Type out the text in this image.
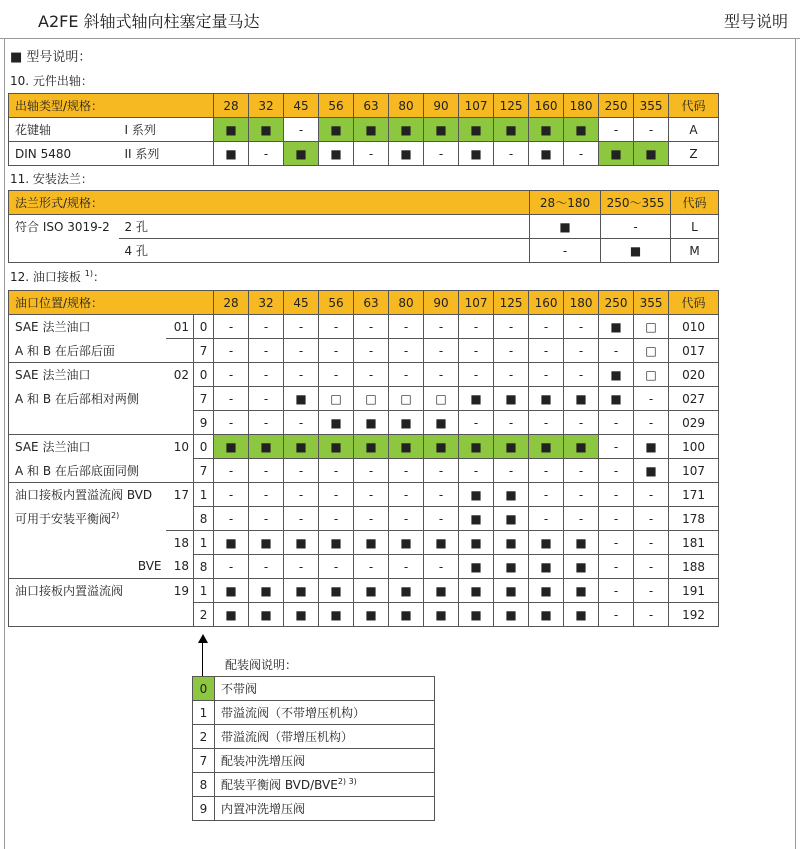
A2FE 斜轴式轴向柱塞定量马达	型号说明
■ 型号说明：
10. 元件出轴：
出轴类型/规格：		28	32	45	56	63	80	90	107	125	160	180	250	355	代码
花键轴	I 系列	■	■	-	■	■	■	■	■	■	■	■	-	-	A
DIN 5480	II 系列	■	-	■	■	-	■	-	■	-	■	-	■	■	Z
11. 安装法兰：
法兰形式/规格：		28～180	250～355	代码
符合 ISO 3019-2	2 孔	■	-	L
	4 孔	-	■	M
12. 油口接板 $^{1)}$：
油口位置/规格：			28	32	45	56	63	80	90	107	125	160	180	250	355	代码
SAE 法兰油口	01	0	-	-	-	-	-	-	-	-	-	-	-	■	□	010
A 和 B 在后部后面		7	-	-	-	-	-	-	-	-	-	-	-	-	□	017
SAE 法兰油口	02	0	-	-	-	-	-	-	-	-	-	-	-	■	□	020
A 和 B 在后部相对两侧		7	-	-	■	□	□	□	□	■	■	■	■	■	-	027
		9	-	-	-	■	■	■	■	-	-	-	-	-	-	029
SAE 法兰油口	10	0	■	■	■	■	■	■	■	■	■	■	■	-	■	100
A 和 B 在后部底面同侧		7	-	-	-	-	-	-	-	-	-	-	-	-	■	107
油口接板内置溢流阀 BVD	17	1	-	-	-	-	-	-	-	■	■	-	-	-	-	171
可用于安装平衡阀$^{2)}$		8	-	-	-	-	-	-	-	■	■	-	-	-	-	178
	18	1	■	■	■	■	■	■	■	■	■	■	■	-	-	181
BVE	18	8	-	-	-	-	-	-	-	■	■	■	■	-	-	188
油口接板内置溢流阀	19	1	■	■	■	■	■	■	■	■	■	■	■	-	-	191
		2	■	■	■	■	■	■	■	■	■	■	■	-	-	192
配装阀说明：
0	不带阀
1	带溢流阀（不带增压机构）
2	带溢流阀（带增压机构）
7	配装冲洗增压阀
8	配装平衡阀 BVD/$BVE^{2) 3)}$
9	内置冲洗增压阀
